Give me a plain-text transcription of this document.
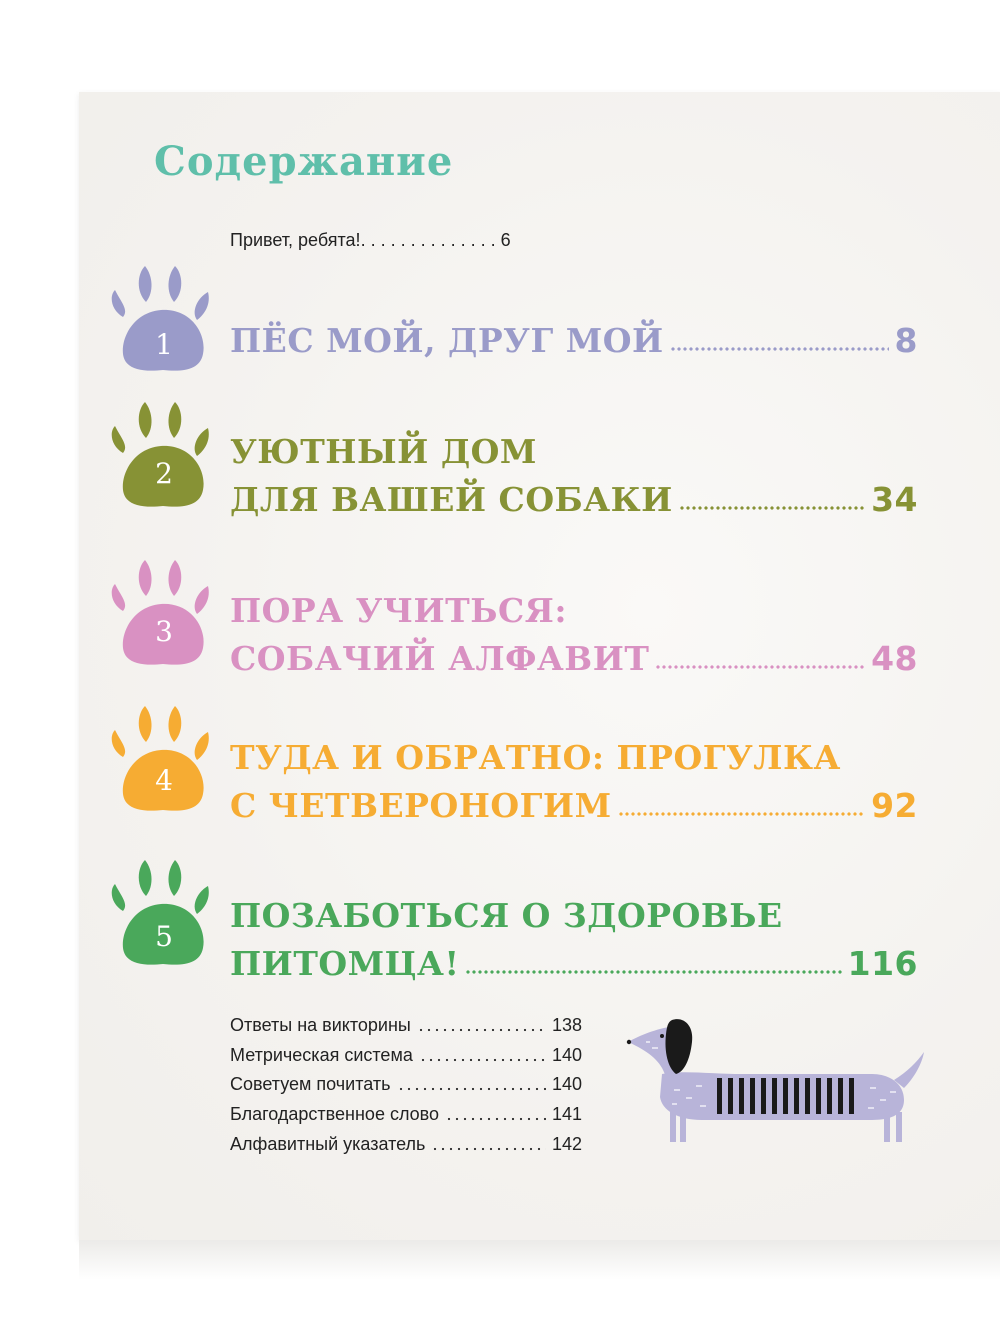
Содержание
Привет, ребята!. . . . . . . . . . . . . . 6
1
2
3
4
5
ПЁС МОЙ, ДРУГ МОЙ	8
УЮТНЫЙ ДОМ
ДЛЯ ВАШЕЙ СОБАКИ	34
ПОРА УЧИТЬСЯ:
СОБАЧИЙ АЛФАВИТ	48
ТУДА И ОБРАТНО: ПРОГУЛКА
С ЧЕТВЕРОНОГИМ	92
ПОЗАБОТЬСЯ О ЗДОРОВЬЕ
ПИТОМЦА!	116
Ответы на викторины	138
Метрическая система	140
Советуем почитать	140
Благодарственное слово	141
Алфавитный указатель	142
